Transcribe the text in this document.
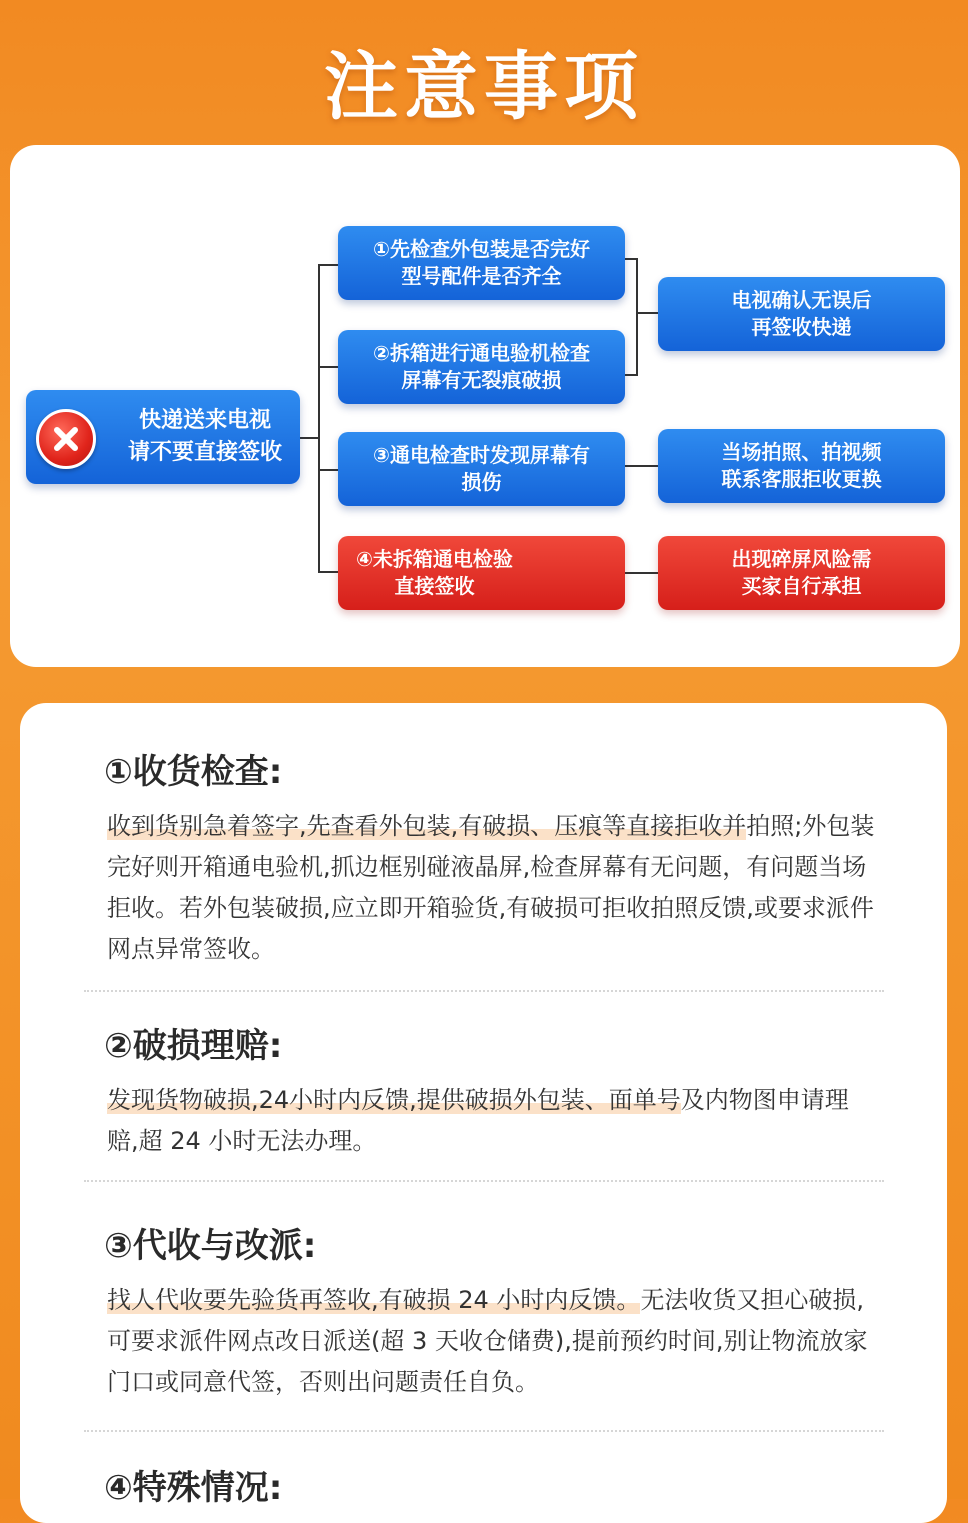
注意事项
快递送来电视
请不要直接签收
①先检查外包装是否完好
型号配件是否齐全
②拆箱进行通电验机检查
屏幕有无裂痕破损
③通电检查时发现屏幕有
损伤
④未拆箱通电检验
直接签收
电视确认无误后
再签收快递
当场拍照、拍视频
联系客服拒收更换
出现碎屏风险需
买家自行承担
①收货检查:
收到货别急着签字,先查看外包装,有破损、压痕等直接拒收并拍照;外包装完好则开箱通电验机,抓边框别碰液晶屏,检查屏幕有无问题，有问题当场拒收。若外包装破损,应立即开箱验货,有破损可拒收拍照反馈,或要求派件网点异常签收。
②破损理赔:
发现货物破损,24小时内反馈,提供破损外包装、面单号及内物图申请理赔,超 24 小时无法办理。
③代收与改派:
找人代收要先验货再签收,有破损 24 小时内反馈。无法收货又担心破损,可要求派件网点改日派送(超 3 天收仓储费),提前预约时间,别让物流放家门口或同意代签，否则出问题责任自负。
④特殊情况:
